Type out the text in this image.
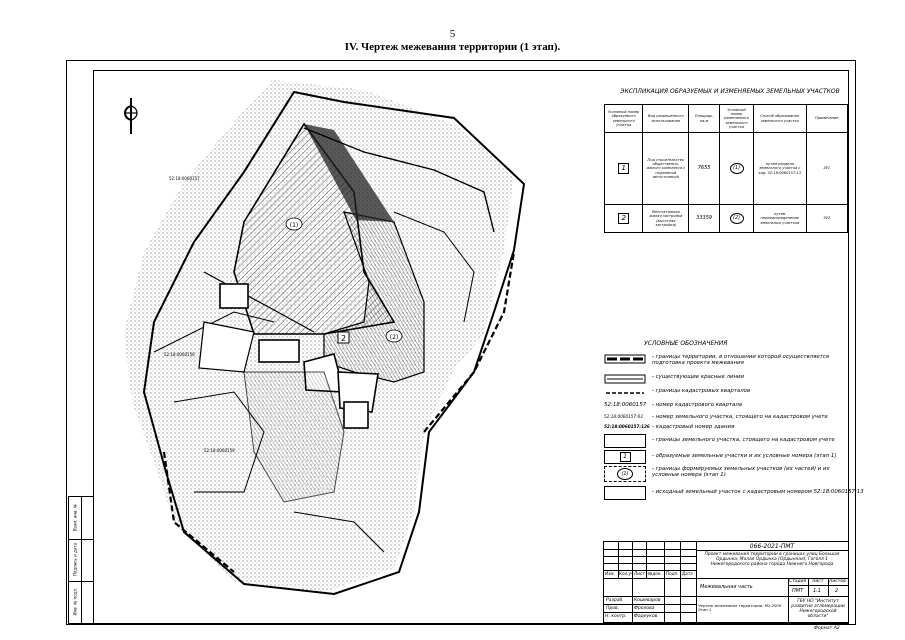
5
IV. Чертеж межевания территории (1 этап).
Взам. инв. №
Подпись и дата
Инв. № подл.
2
(1)
(2)
52:18:0060157
52:18:0060156
52:18:0060159
ЭКСПЛИКАЦИЯ ОБРАЗУЕМЫХ И ИЗМЕНЯЕМЫХ ЗЕМЕЛЬНЫХ УЧАСТКОВ
Условный номер образуемого земельного участка	Вид разрешенного использования	Площадь, кв.м	Условный номер изменяемого земельного участка	Способ образования земельного участка	Примечание
1	Под строительство общественно-жилого комплекса с подземной автостоянкой	7655	(1)	путем раздела земельного участка с кад. 52:18:0060157:13	ЗУ1
2	Многоэтажная жилая застройка (высотная застройка)	33359	(2)	путем перераспределения земельных участков	ЗУ2
УСЛОВНЫЕ ОБОЗНАЧЕНИЯ
- границы территории, в отношении которой осуществляется подготовка проекта межевания
- существующие красные линии
- границы кадастровых кварталов
52:18:0060157 - номер кадастрового квартала
52:18:0060157:63 - номер земельного участка, стоящего на кадастровом учете
52:18:0060157:126 - кадастровый номер здания
- границы земельного участка, стоящего на кадастровом учете
1	- образуемые земельные участки и их условные номера (этап 1)
(1)
- границы формируемых земельных участков (их частей) и их условные номера (этап 1)
- исходный земельный участок с кадастровым номером 52:18:0060157:13
Изм. Кол.уч. Лист №док. Подп. Дата
Разраб.
Пров.
Н. контр.
Кошеваров
Фролова
Фадеуков
066-2021-ПМТ
Проект межевания территории в границах улиц Большая Ордынка, Малая Ордынка (Ордынная), Гоголя 1 Нижегородского района города Нижнего Новгорода
Межевальная часть
Стадия Лист Листов
ПМТ 1.1	2
Чертеж межевания территории. М1:2000 Этап 1
ГБУ НО "Институт развития агломерации Нижегородской области"
Формат А2
